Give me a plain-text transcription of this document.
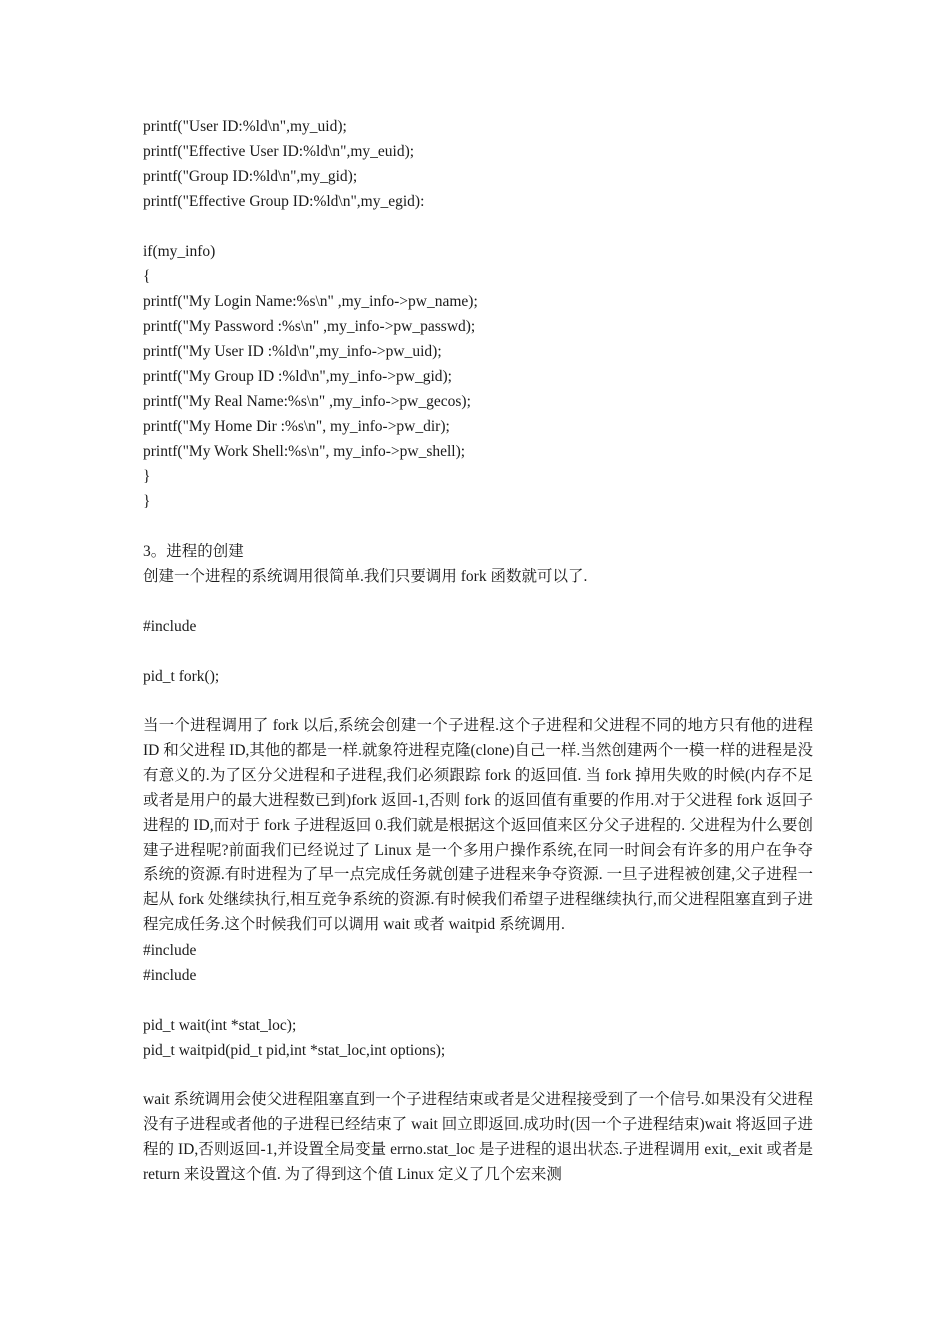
printf("User ID:%ld\n",my_uid);
printf("Effective User ID:%ld\n",my_euid);
printf("Group ID:%ld\n",my_gid);
printf("Effective Group ID:%ld\n",my_egid):
if(my_info)
{
printf("My Login Name:%s\n" ,my_info->pw_name);
printf("My Password :%s\n" ,my_info->pw_passwd);
printf("My User ID :%ld\n",my_info->pw_uid);
printf("My Group ID :%ld\n",my_info->pw_gid);
printf("My Real Name:%s\n" ,my_info->pw_gecos);
printf("My Home Dir :%s\n", my_info->pw_dir);
printf("My Work Shell:%s\n", my_info->pw_shell);
}
}
3。进程的创建
创建一个进程的系统调用很简单.我们只要调用 fork 函数就可以了.
#include
pid_t fork();
当一个进程调用了 fork 以后,系统会创建一个子进程.这个子进程和父进程不同的地方只有他的进程 ID 和父进程 ID,其他的都是一样.就象符进程克隆(clone)自己一样.当然创建两个一模一样的进程是没有意义的.为了区分父进程和子进程,我们必须跟踪 fork 的返回值. 当 fork 掉用失败的时候(内存不足或者是用户的最大进程数已到)fork 返回-1,否则 fork 的返回值有重要的作用.对于父进程 fork 返回子进程的 ID,而对于 fork 子进程返回 0.我们就是根据这个返回值来区分父子进程的. 父进程为什么要创建子进程呢?前面我们已经说过了 Linux 是一个多用户操作系统,在同一时间会有许多的用户在争夺系统的资源.有时进程为了早一点完成任务就创建子进程来争夺资源. 一旦子进程被创建,父子进程一起从 fork 处继续执行,相互竞争系统的资源.有时候我们希望子进程继续执行,而父进程阻塞直到子进程完成任务.这个时候我们可以调用 wait 或者 waitpid 系统调用.
#include
#include
pid_t wait(int *stat_loc);
pid_t waitpid(pid_t pid,int *stat_loc,int options);
wait 系统调用会使父进程阻塞直到一个子进程结束或者是父进程接受到了一个信号.如果没有父进程没有子进程或者他的子进程已经结束了 wait 回立即返回.成功时(因一个子进程结束)wait 将返回子进程的 ID,否则返回-1,并设置全局变量 errno.stat_loc 是子进程的退出状态.子进程调用 exit,_exit 或者是 return 来设置这个值. 为了得到这个值 Linux 定义了几个宏来测
